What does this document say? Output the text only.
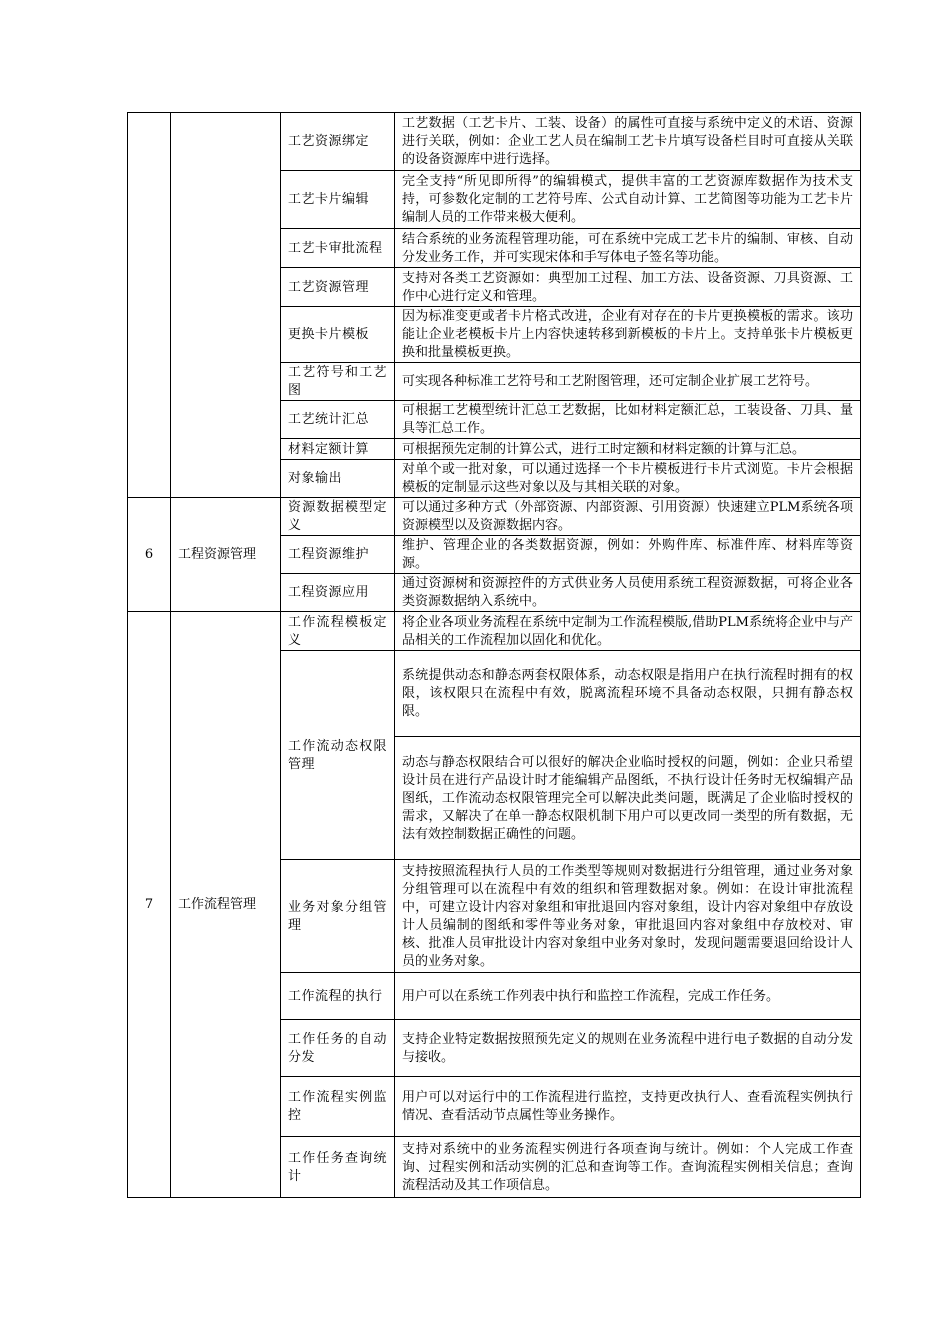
		工艺资源绑定	工艺数据（工艺卡片、工装、设备）的属性可直接与系统中定义的术语、资源进行关联，例如：企业工艺人员在编制工艺卡片填写设备栏目时可直接从关联的设备资源库中进行选择。
		工艺卡片编辑	完全支持“所见即所得”的编辑模式，提供丰富的工艺资源库数据作为技术支持，可参数化定制的工艺符号库、公式自动计算、工艺简图等功能为工艺卡片编制人员的工作带来极大便利。
		工艺卡审批流程	结合系统的业务流程管理功能，可在系统中完成工艺卡片的编制、审核、自动分发业务工作，并可实现宋体和手写体电子签名等功能。
		工艺资源管理	支持对各类工艺资源如：典型加工过程、加工方法、设备资源、刀具资源、工作中心进行定义和管理。
		更换卡片模板	因为标准变更或者卡片格式改进，企业有对存在的卡片更换模板的需求。该功能让企业老模板卡片上内容快速转移到新模板的卡片上。支持单张卡片模板更换和批量模板更换。
		工艺符号和工艺图	可实现各种标准工艺符号和工艺附图管理，还可定制企业扩展工艺符号。
		工艺统计汇总	可根据工艺模型统计汇总工艺数据，比如材料定额汇总，工装设备、刀具、量具等汇总工作。
		材料定额计算	可根据预先定制的计算公式，进行工时定额和材料定额的计算与汇总。
		对象输出	对单个或一批对象，可以通过选择一个卡片模板进行卡片式浏览。卡片会根据模板的定制显示这些对象以及与其相关联的对象。
6	工程资源管理	资源数据模型定义	可以通过多种方式（外部资源、内部资源、引用资源）快速建立PLM系统各项资源模型以及资源数据内容。
		工程资源维护	维护、管理企业的各类数据资源，例如：外购件库、标准件库、材料库等资源。
		工程资源应用	通过资源树和资源控件的方式供业务人员使用系统工程资源数据，可将企业各类资源数据纳入系统中。
7	工作流程管理	工作流程模板定义	将企业各项业务流程在系统中定制为工作流程模版,借助PLM系统将企业中与产品相关的工作流程加以固化和优化。
		工作流动态权限管理	系统提供动态和静态两套权限体系，动态权限是指用户在执行流程时拥有的权限，该权限只在流程中有效，脱离流程环境不具备动态权限，只拥有静态权限。
			动态与静态权限结合可以很好的解决企业临时授权的问题，例如：企业只希望设计员在进行产品设计时才能编辑产品图纸，不执行设计任务时无权编辑产品图纸，工作流动态权限管理完全可以解决此类问题，既满足了企业临时授权的需求，又解决了在单一静态权限机制下用户可以更改同一类型的所有数据，无法有效控制数据正确性的问题。
		业务对象分组管理	支持按照流程执行人员的工作类型等规则对数据进行分组管理，通过业务对象分组管理可以在流程中有效的组织和管理数据对象。例如：在设计审批流程中，可建立设计内容对象组和审批退回内容对象组，设计内容对象组中存放设计人员编制的图纸和零件等业务对象，审批退回内容对象组中存放校对、审核、批准人员审批设计内容对象组中业务对象时，发现问题需要退回给设计人员的业务对象。
		工作流程的执行	用户可以在系统工作列表中执行和监控工作流程，完成工作任务。
		工作任务的自动分发	支持企业特定数据按照预先定义的规则在业务流程中进行电子数据的自动分发与接收。
		工作流程实例监控	用户可以对运行中的工作流程进行监控，支持更改执行人、查看流程实例执行情况、查看活动节点属性等业务操作。
		工作任务查询统计	支持对系统中的业务流程实例进行各项查询与统计。例如：个人完成工作查询、过程实例和活动实例的汇总和查询等工作。查询流程实例相关信息；查询流程活动及其工作项信息。
